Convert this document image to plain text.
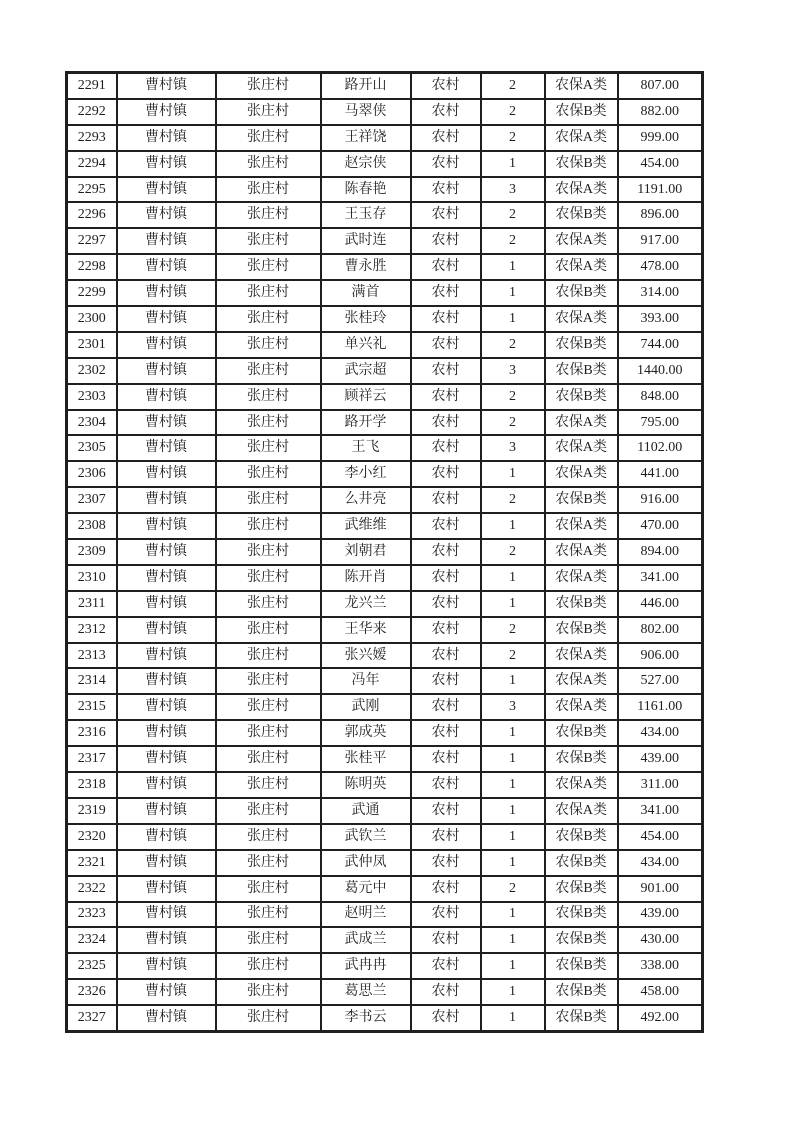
2291	曹村镇	张庄村	路开山	农村	2	农保A类	807.00
2292	曹村镇	张庄村	马翠侠	农村	2	农保B类	882.00
2293	曹村镇	张庄村	王祥饶	农村	2	农保A类	999.00
2294	曹村镇	张庄村	赵宗侠	农村	1	农保B类	454.00
2295	曹村镇	张庄村	陈春艳	农村	3	农保A类	1191.00
2296	曹村镇	张庄村	王玉存	农村	2	农保B类	896.00
2297	曹村镇	张庄村	武时连	农村	2	农保A类	917.00
2298	曹村镇	张庄村	曹永胜	农村	1	农保A类	478.00
2299	曹村镇	张庄村	满首	农村	1	农保B类	314.00
2300	曹村镇	张庄村	张桂玲	农村	1	农保A类	393.00
2301	曹村镇	张庄村	单兴礼	农村	2	农保B类	744.00
2302	曹村镇	张庄村	武宗超	农村	3	农保B类	1440.00
2303	曹村镇	张庄村	顾祥云	农村	2	农保B类	848.00
2304	曹村镇	张庄村	路开学	农村	2	农保A类	795.00
2305	曹村镇	张庄村	王飞	农村	3	农保A类	1102.00
2306	曹村镇	张庄村	李小红	农村	1	农保A类	441.00
2307	曹村镇	张庄村	么井亮	农村	2	农保B类	916.00
2308	曹村镇	张庄村	武维维	农村	1	农保A类	470.00
2309	曹村镇	张庄村	刘朝君	农村	2	农保A类	894.00
2310	曹村镇	张庄村	陈开肖	农村	1	农保A类	341.00
2311	曹村镇	张庄村	龙兴兰	农村	1	农保B类	446.00
2312	曹村镇	张庄村	王华来	农村	2	农保B类	802.00
2313	曹村镇	张庄村	张兴嫒	农村	2	农保A类	906.00
2314	曹村镇	张庄村	冯年	农村	1	农保A类	527.00
2315	曹村镇	张庄村	武刚	农村	3	农保A类	1161.00
2316	曹村镇	张庄村	郭成英	农村	1	农保B类	434.00
2317	曹村镇	张庄村	张桂平	农村	1	农保B类	439.00
2318	曹村镇	张庄村	陈明英	农村	1	农保A类	311.00
2319	曹村镇	张庄村	武通	农村	1	农保A类	341.00
2320	曹村镇	张庄村	武钦兰	农村	1	农保B类	454.00
2321	曹村镇	张庄村	武仲凤	农村	1	农保B类	434.00
2322	曹村镇	张庄村	葛元中	农村	2	农保B类	901.00
2323	曹村镇	张庄村	赵明兰	农村	1	农保B类	439.00
2324	曹村镇	张庄村	武成兰	农村	1	农保B类	430.00
2325	曹村镇	张庄村	武冉冉	农村	1	农保B类	338.00
2326	曹村镇	张庄村	葛思兰	农村	1	农保B类	458.00
2327	曹村镇	张庄村	李书云	农村	1	农保B类	492.00
